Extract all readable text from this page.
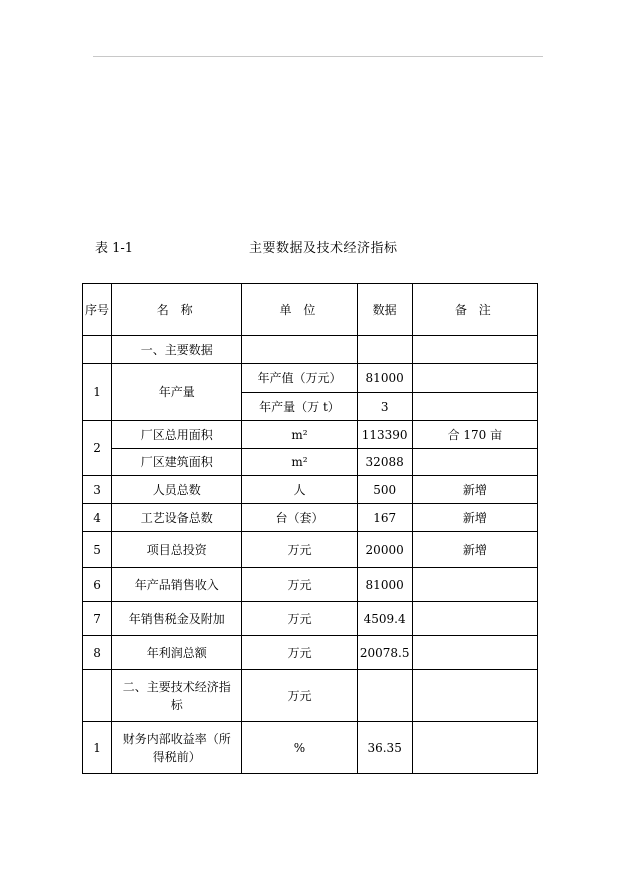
表 1-1	主要数据及技术经济指标
序号	名 称	单 位	数据	备 注
	一、主要数据			
1	年产量	年产值（万元）	81000	
		年产量（万 t）	3	
2	厂区总用面积	m²	113390	合 170 亩
	厂区建筑面积	m²	32088	
3	人员总数	人	500	新增
4	工艺设备总数	台（套）	167	新增
5	项目总投资	万元	20000	新增
6	年产品销售收入	万元	81000	
7	年销售税金及附加	万元	4509.4	
8	年利润总额	万元	20078.5	
	二、主要技术经济指标	万元		
1	财务内部收益率（所得税前）	%	36.35	
